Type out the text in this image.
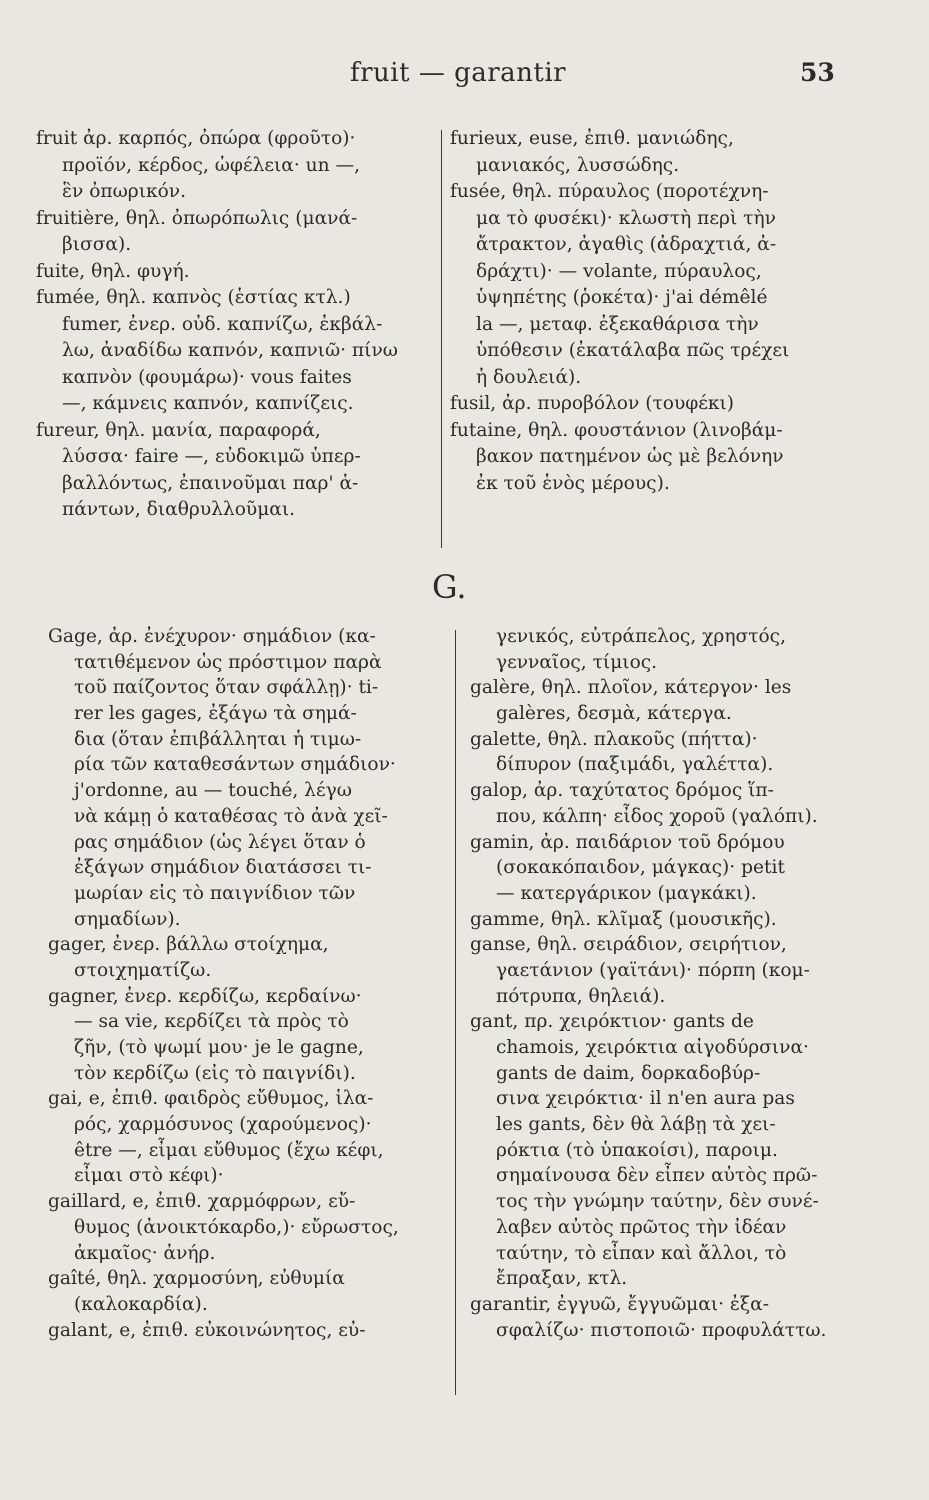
fruit — garantir	53
fruit ἀρ. καρπός, ὀπώρα (φροῦτο)·
προϊόν, κέρδος, ὠφέλεια· un —,
ἓν ὀπωρικόν.
fruitière, θηλ. ὀπωρόπωλις (μανά-
βισσα).
fuite, θηλ. φυγή.
fumée, θηλ. καπνὸς (ἑστίας κτλ.)
fumer, ἐνερ. οὐδ. καπνίζω, ἐκβάλ-
λω, ἀναδίδω καπνόν, καπνιῶ· πίνω
καπνὸν (φουμάρω)· vous faites
—, κάμνεις καπνόν, καπνίζεις.
fureur, θηλ. μανία, παραφορά,
λύσσα· faire —, εὐδοκιμῶ ὑπερ-
βαλλόντως, ἐπαινοῦμαι παρ' ἁ-
πάντων, διαθρυλλοῦμαι.
furieux, euse, ἐπιθ. μανιώδης,
μανιακός, λυσσώδης.
fusée, θηλ. πύραυλος (ποροτέχνη-
μα τὸ φυσέκι)· κλωστὴ περὶ τὴν
ἄτρακτον, ἀγαθὶς (ἀδραχτιά, ἀ-
δράχτι)· — volante, πύραυλος,
ὑψηπέτης (ῥοκέτα)· j'ai démêlé
la —, μεταφ. ἐξεκαθάρισα τὴν
ὑπόθεσιν (ἐκατάλαβα πῶς τρέχει
ἡ δουλειά).
fusil, ἀρ. πυροβόλον (τουφέκι)
futaine, θηλ. φουστάνιον (λινοβάμ-
βακον πατημένον ὡς μὲ βελόνην
ἐκ τοῦ ἑνὸς μέρους).
G.
Gage, ἀρ. ἐνέχυρον· σημάδιον (κα-
τατιθέμενον ὡς πρόστιμον παρὰ
τοῦ παίζοντος ὅταν σφάλλῃ)· ti-
rer les gages, ἐξάγω τὰ σημά-
δια (ὅταν ἐπιβάλληται ἡ τιμω-
ρία τῶν καταθεσάντων σημάδιον·
j'ordonne, au — touché, λέγω
νὰ κάμῃ ὁ καταθέσας τὸ ἀνὰ χεῖ-
ρας σημάδιον (ὡς λέγει ὅταν ὁ
ἐξάγων σημάδιον διατάσσει τι-
μωρίαν εἰς τὸ παιγνίδιον τῶν
σημαδίων).
gager, ἐνερ. βάλλω στοίχημα,
στοιχηματίζω.
gagner, ἐνερ. κερδίζω, κερδαίνω·
— sa vie, κερδίζει τὰ πρὸς τὸ
ζῆν, (τὸ ψωμί μου· je le gagne,
τὸν κερδίζω (εἰς τὸ παιγνίδι).
gai, e, ἐπιθ. φαιδρὸς εὔθυμος, ἱλα-
ρός, χαρμόσυνος (χαρούμενος)·
être —, εἶμαι εὔθυμος (ἔχω κέφι,
εἶμαι στὸ κέφι)·
gaillard, e, ἐπιθ. χαρμόφρων, εὔ-
θυμος (ἀνοικτόκαρδο,)· εὔρωστος,
ἀκμαῖος· ἀνήρ.
gaîté, θηλ. χαρμοσύνη, εὐθυμία
(καλοκαρδία).
galant, e, ἐπιθ. εὐκοινώνητος, εὐ-
γενικός, εὐτράπελος, χρηστός,
γενναῖος, τίμιος.
galère, θηλ. πλοῖον, κάτεργον· les
galères, δεσμὰ, κάτεργα.
galette, θηλ. πλακοῦς (πήττα)·
δίπυρον (παξιμάδι, γαλέττα).
galop, ἀρ. ταχύτατος δρόμος ἵπ-
που, κάλπη· εἶδος χοροῦ (γαλόπι).
gamin, ἀρ. παιδάριον τοῦ δρόμου
(σοκακόπαιδον, μάγκας)· petit
— κατεργάρικον (μαγκάκι).
gamme, θηλ. κλῖμαξ (μουσικῆς).
ganse, θηλ. σειράδιον, σειρήτιον,
γαετάνιον (γαϊτάνι)· πόρπη (κομ-
πότρυπα, θηλειά).
gant, πρ. χειρόκτιον· gants de
chamois, χειρόκτια αἰγοδύρσινα·
gants de daim, δορκαδοβύρ-
σινα χειρόκτια· il n'en aura pas
les gants, δὲν θὰ λάβῃ τὰ χει-
ρόκτια (τὸ ὑπακοίσι), παροιμ.
σημαίνουσα δὲν εἶπεν αὐτὸς πρῶ-
τος τὴν γνώμην ταύτην, δὲν συνέ-
λαβεν αὐτὸς πρῶτος τὴν ἰδέαν
ταύτην, τὸ εἶπαν καὶ ἄλλοι, τὸ
ἔπραξαν, κτλ.
garantir, ἐγγυῶ, ἔγγυῶμαι· ἐξα-
σφαλίζω· πιστοποιῶ· προφυλάττω.
